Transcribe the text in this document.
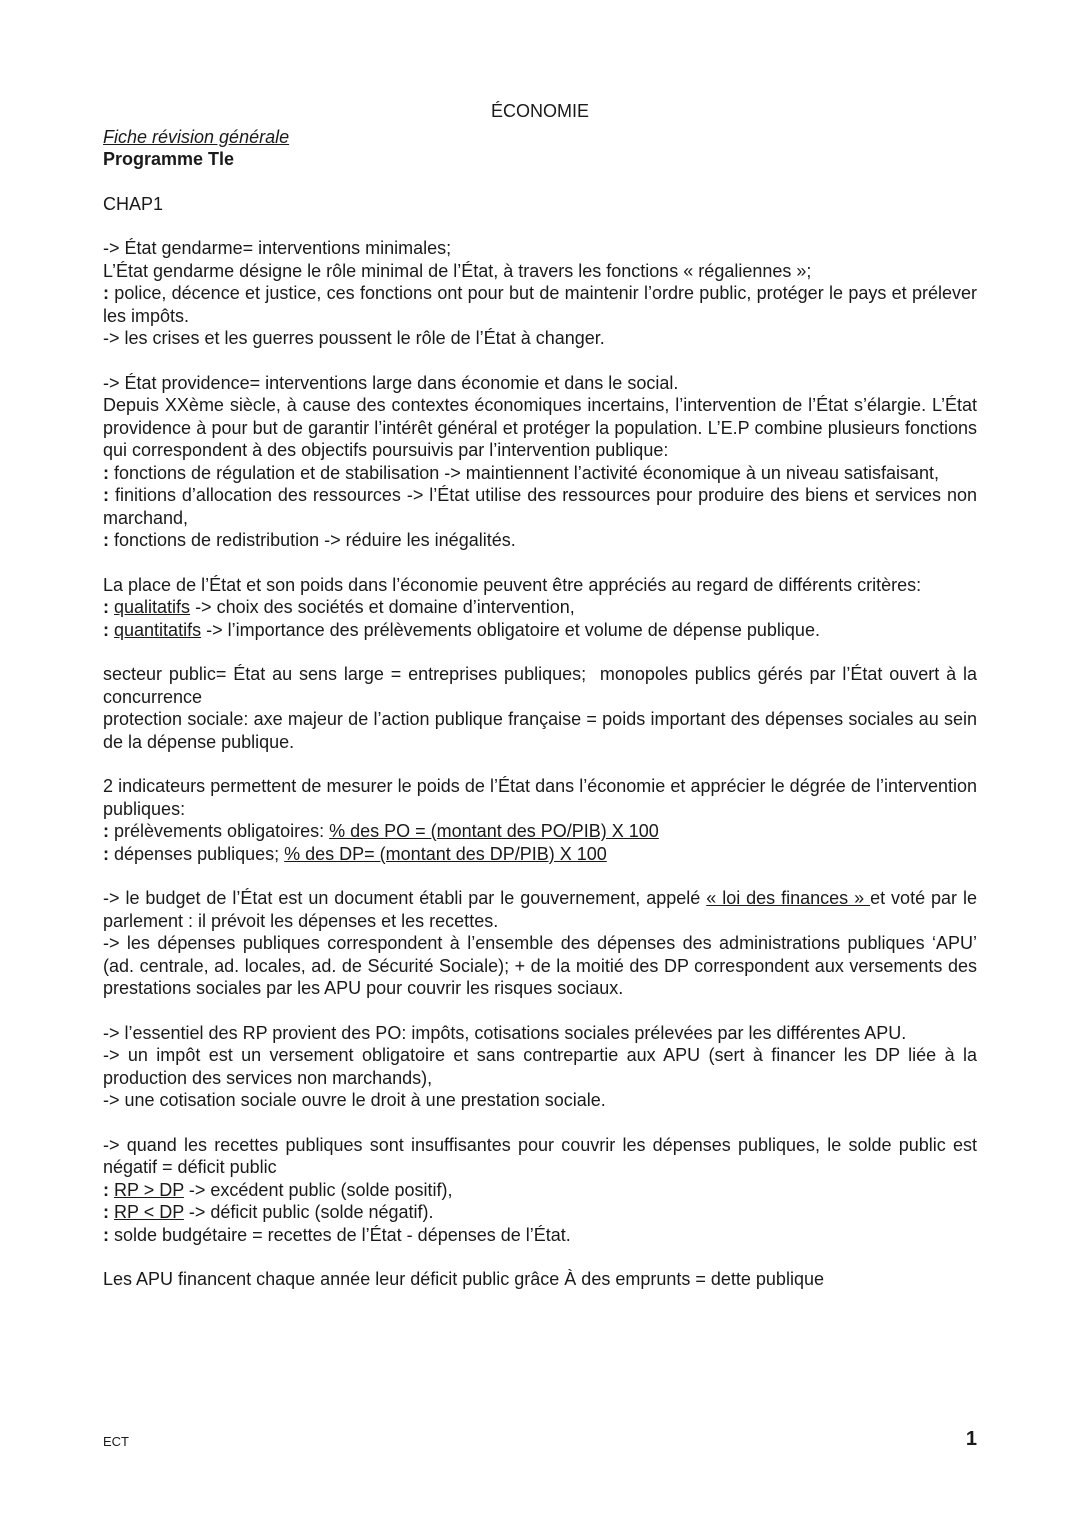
ÉCONOMIE
Fiche révision générale
Programme Tle
CHAP1

-> État gendarme= interventions minimales;

L’État gendarme désigne le rôle minimal de l’État, à travers les fonctions « régaliennes »;

: police, décence et justice, ces fonctions ont pour but de maintenir l’ordre public, protéger le pays et prélever les impôts.

-> les crises et les guerres poussent le rôle de l’État à changer.

-> État providence= interventions large dans économie et dans le social.

Depuis XXème siècle, à cause des contextes économiques incertains, l’intervention de l’État s’élargie. L’État providence à pour but de garantir l’intérêt général et protéger la population. L’E.P combine plusieurs fonctions qui correspondent à des objectifs poursuivis par l’intervention publique:

: fonctions de régulation et de stabilisation -> maintiennent l’activité économique à un niveau satisfaisant,

: finitions d’allocation des ressources -> l’État utilise des ressources pour produire des biens et services non marchand,

: fonctions de redistribution -> réduire les inégalités.

La place de l’État et son poids dans l’économie peuvent être appréciés au regard de différents critères:

: qualitatifs -> choix des sociétés et domaine d’intervention,

: quantitatifs -> l’importance des prélèvements obligatoire et volume de dépense publique.

secteur public= État au sens large = entreprises publiques;  monopoles publics gérés par l’État ouvert à la concurrence

protection sociale: axe majeur de l’action publique française = poids important des dépenses sociales au sein de la dépense publique.

2 indicateurs permettent de mesurer le poids de l’État dans l’économie et apprécier le dégrée de l’intervention publiques:

: prélèvements obligatoires: % des PO = (montant des PO/PIB) X 100

: dépenses publiques; % des DP= (montant des DP/PIB) X 100

-> le budget de l’État est un document établi par le gouvernement, appelé « loi des finances » et voté par le parlement : il prévoit les dépenses et les recettes.

-> les dépenses publiques correspondent à l’ensemble des dépenses des administrations publiques ‘APU’ (ad. centrale, ad. locales, ad. de Sécurité Sociale); + de la moitié des DP correspondent aux versements des prestations sociales par les APU pour couvrir les risques sociaux.

-> l’essentiel des RP provient des PO: impôts, cotisations sociales prélevées par les différentes APU.

-> un impôt est un versement obligatoire et sans contrepartie aux APU (sert à financer les DP liée à la production des services non marchands),

-> une cotisation sociale ouvre le droit à une prestation sociale.

-> quand les recettes publiques sont insuffisantes pour couvrir les dépenses publiques, le solde public est négatif = déficit public

: RP > DP -> excédent public (solde positif),

: RP < DP -> déficit public (solde négatif).

: solde budgétaire = recettes de l’État - dépenses de l’État.

Les APU financent chaque année leur déficit public grâce À des emprunts = dette publique

ECT	1
